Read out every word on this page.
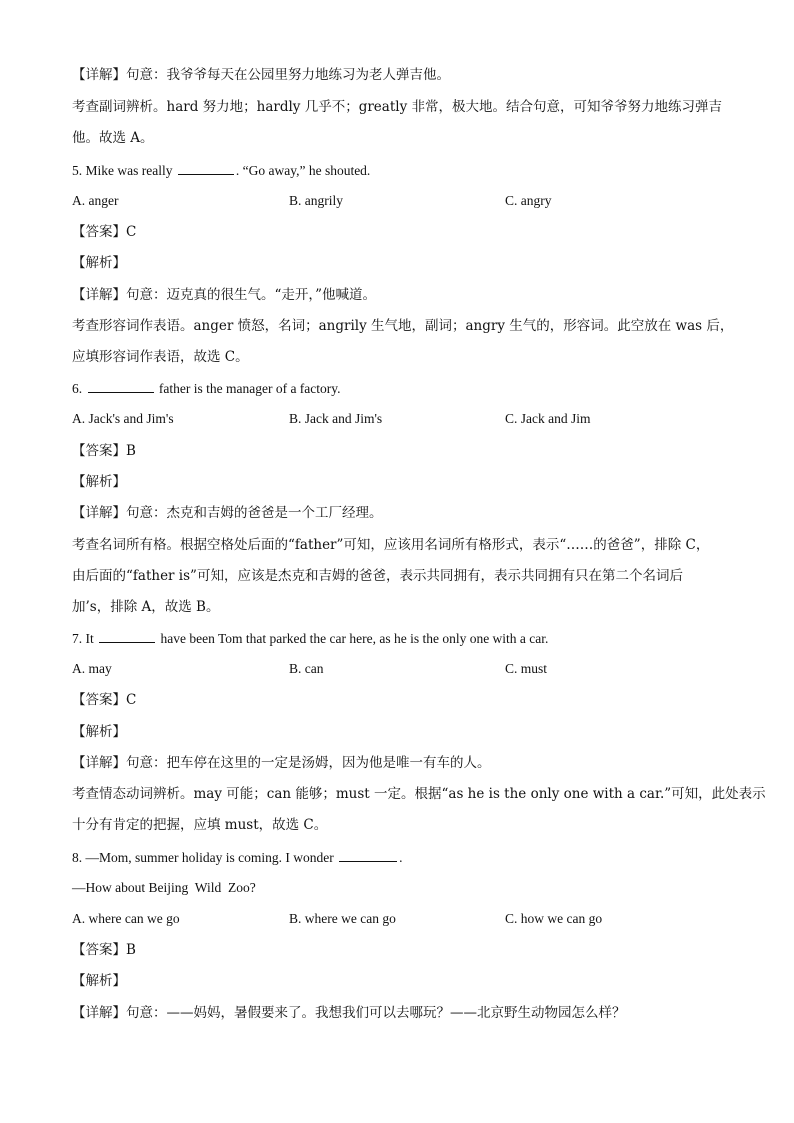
【详解】句意：我爷爷每天在公园里努力地练习为老人弹吉他。
考查副词辨析。hard 努力地；hardly 几乎不；greatly 非常，极大地。结合句意，可知爷爷努力地练习弹吉
他。故选 A。
5. Mike was really	. “Go away,” he shouted.
A. anger	B. angrily	C. angry
【答案】C
【解析】
【详解】句意：迈克真的很生气。“走开，”他喊道。
考查形容词作表语。anger 愤怒，名词；angrily 生气地，副词；angry 生气的，形容词。此空放在 was 后，
应填形容词作表语，故选 C。
6.	father is the manager of a factory.
A. Jack's and Jim's	B. Jack and Jim's	C. Jack and Jim
【答案】B
【解析】
【详解】句意：杰克和吉姆的爸爸是一个工厂经理。
考查名词所有格。根据空格处后面的“father”可知，应该用名词所有格形式，表示“……的爸爸”，排除 C，
由后面的“father is”可知，应该是杰克和吉姆的爸爸，表示共同拥有，表示共同拥有只在第二个名词后
加’s，排除 A，故选 B。
7. It	have been Tom that parked the car here, as he is the only one with a car.
A. may	B. can	C. must
【答案】C
【解析】
【详解】句意：把车停在这里的一定是汤姆，因为他是唯一有车的人。
考查情态动词辨析。may 可能；can 能够；must 一定。根据“as he is the only one with a car.”可知，此处表示
十分有肯定的把握，应填 must，故选 C。
8. —Mom, summer holiday is coming. I wonder	.
—How about Beijing  Wild  Zoo?
A. where can we go	B. where we can go	C. how we can go
【答案】B
【解析】
【详解】句意：——妈妈，暑假要来了。我想我们可以去哪玩？——北京野生动物园怎么样？
